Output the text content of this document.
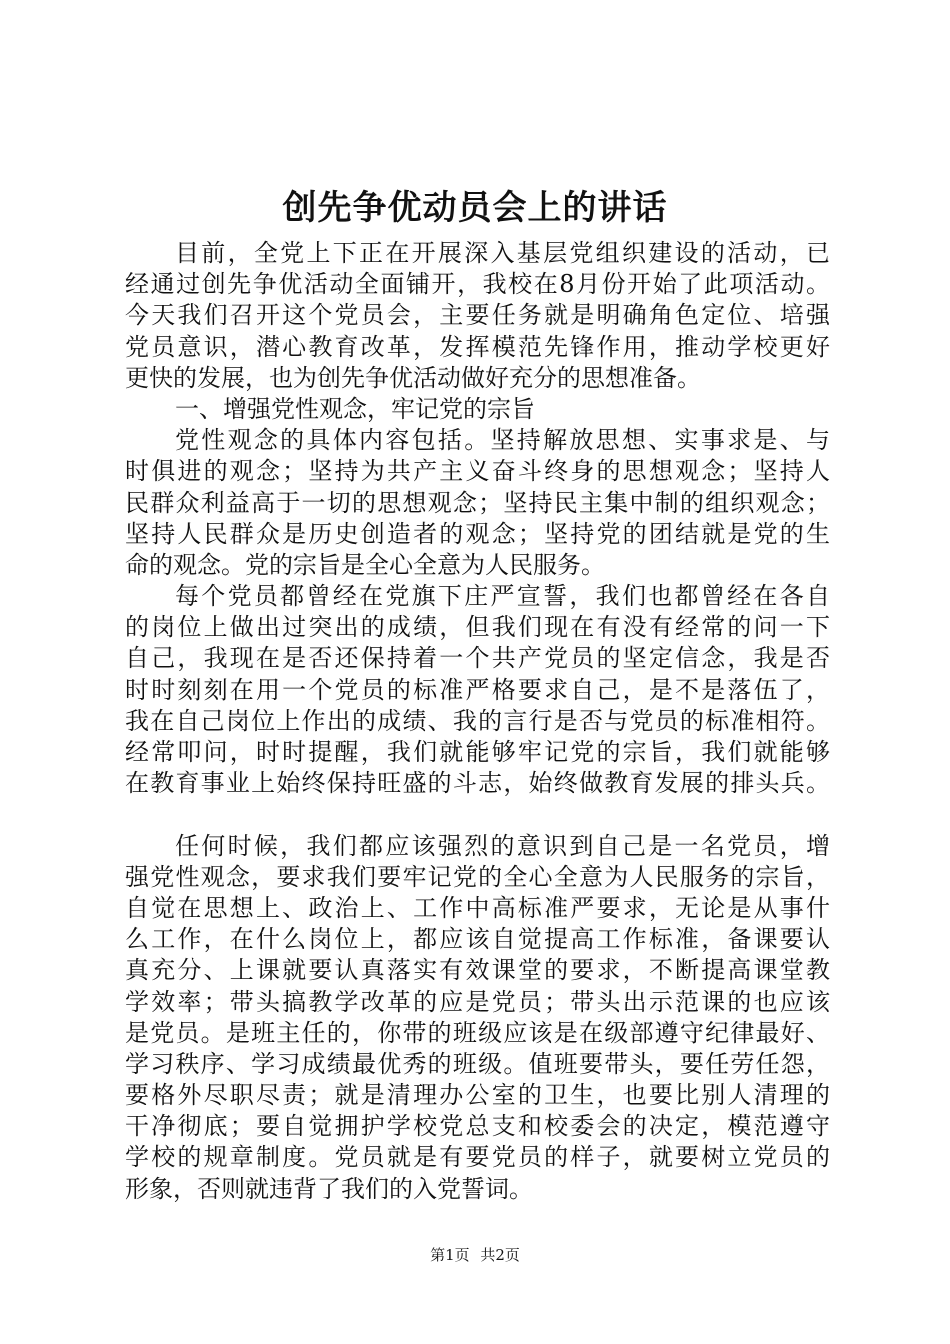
创先争优动员会上的讲话
目前，全党上下正在开展深入基层党组织建设的活动，已
经通过创先争优活动全面铺开，我校在8月份开始了此项活动。
今天我们召开这个党员会，主要任务就是明确角色定位、培强
党员意识，潜心教育改革，发挥模范先锋作用，推动学校更好
更快的发展，也为创先争优活动做好充分的思想准备。
一、增强党性观念，牢记党的宗旨
党性观念的具体内容包括。坚持解放思想、实事求是、与
时俱进的观念；坚持为共产主义奋斗终身的思想观念；坚持人
民群众利益高于一切的思想观念；坚持民主集中制的组织观念；
坚持人民群众是历史创造者的观念；坚持党的团结就是党的生
命的观念。党的宗旨是全心全意为人民服务。
每个党员都曾经在党旗下庄严宣誓，我们也都曾经在各自
的岗位上做出过突出的成绩，但我们现在有没有经常的问一下
自己，我现在是否还保持着一个共产党员的坚定信念，我是否
时时刻刻在用一个党员的标准严格要求自己，是不是落伍了，
我在自己岗位上作出的成绩、我的言行是否与党员的标准相符。
经常叩问，时时提醒，我们就能够牢记党的宗旨，我们就能够
在教育事业上始终保持旺盛的斗志，始终做教育发展的排头兵。
任何时候，我们都应该强烈的意识到自己是一名党员，增
强党性观念，要求我们要牢记党的全心全意为人民服务的宗旨，
自觉在思想上、政治上、工作中高标准严要求，无论是从事什
么工作，在什么岗位上，都应该自觉提高工作标准，备课要认
真充分、上课就要认真落实有效课堂的要求，不断提高课堂教
学效率；带头搞教学改革的应是党员；带头出示范课的也应该
是党员。是班主任的，你带的班级应该是在级部遵守纪律最好、
学习秩序、学习成绩最优秀的班级。值班要带头，要任劳任怨，
要格外尽职尽责；就是清理办公室的卫生，也要比别人清理的
干净彻底；要自觉拥护学校党总支和校委会的决定，模范遵守
学校的规章制度。党员就是有要党员的样子，就要树立党员的
形象，否则就违背了我们的入党誓词。
第1页 共2页
